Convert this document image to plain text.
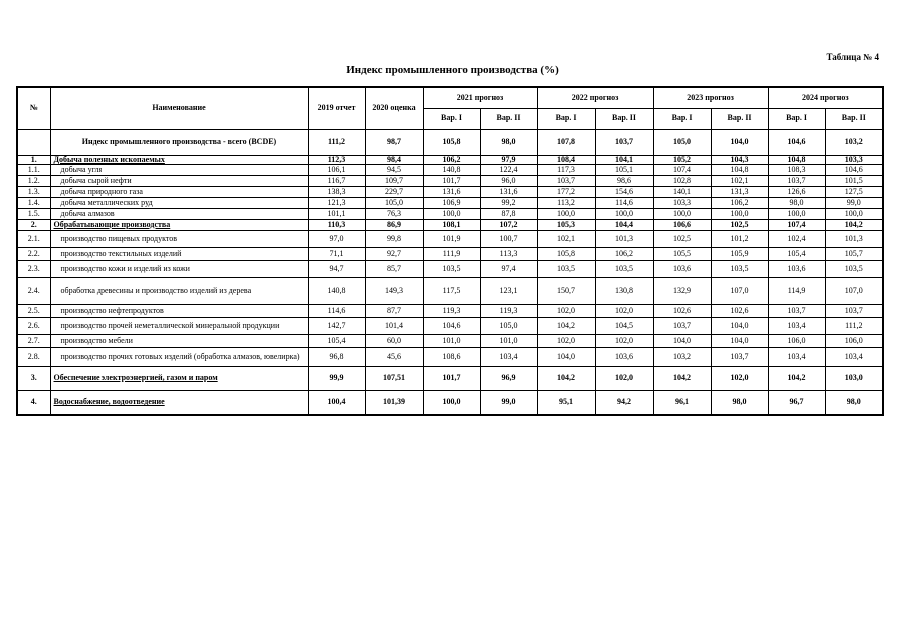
Таблица № 4
Индекс промышленного производства (%)
№	Наименование	2019 отчет	2020 оценка	2021 прогноз		2022 прогноз		2023 прогноз		2024 прогноз	
				Вар. I	Вар. II	Вар. I	Вар. II	Вар. I	Вар. II	Вар. I	Вар. II
	Индекс промышленного производства - всего (BCDE)	111,2	98,7	105,8	98,0	107,8	103,7	105,0	104,0	104,6	103,2
1.	Добыча полезных ископаемых	112,3	98,4	106,2	97,9	108,4	104,1	105,2	104,3	104,8	103,3
1.1.	добыча угля	106,1	94,5	140,8	122,4	117,3	105,1	107,4	104,8	108,3	104,6
1.2.	добыча сырой нефти	116,7	109,7	101,7	96,0	103,7	98,6	102,8	102,1	103,7	101,5
1.3.	добыча природного газа	138,3	229,7	131,6	131,6	177,2	154,6	140,1	131,3	126,6	127,5
1.4.	добыча металлических руд	121,3	105,0	106,9	99,2	113,2	114,6	103,3	106,2	98,0	99,0
1.5.	добыча алмазов	101,1	76,3	100,0	87,8	100,0	100,0	100,0	100,0	100,0	100,0
2.	Обрабатывающие производства	110,3	86,9	108,1	107,2	105,3	104,4	106,6	102,5	107,4	104,2
2.1.	производство пищевых продуктов	97,0	99,8	101,9	100,7	102,1	101,3	102,5	101,2	102,4	101,3
2.2.	производство текстильных изделий	71,1	92,7	111,9	113,3	105,8	106,2	105,5	105,9	105,4	105,7
2.3.	производство кожи и изделий из кожи	94,7	85,7	103,5	97,4	103,5	103,5	103,6	103,5	103,6	103,5
2.4.	обработка древесины и производство изделий из дерева	140,8	149,3	117,5	123,1	150,7	130,8	132,9	107,0	114,9	107,0
2.5.	производство нефтепродуктов	114,6	87,7	119,3	119,3	102,0	102,0	102,6	102,6	103,7	103,7
2.6.	производство прочей неметаллической минеральной продукции	142,7	101,4	104,6	105,0	104,2	104,5	103,7	104,0	103,4	111,2
2.7.	производство мебели	105,4	60,0	101,0	101,0	102,0	102,0	104,0	104,0	106,0	106,0
2.8.	производство прочих готовых изделий (обработка алмазов, ювелирка)	96,8	45,6	108,6	103,4	104,0	103,6	103,2	103,7	103,4	103,4
3.	Обеспечение электроэнергией, газом и паром	99,9	107,51	101,7	96,9	104,2	102,0	104,2	102,0	104,2	103,0
4.	Водоснабжение, водоотведение	100,4	101,39	100,0	99,0	95,1	94,2	96,1	98,0	96,7	98,0
